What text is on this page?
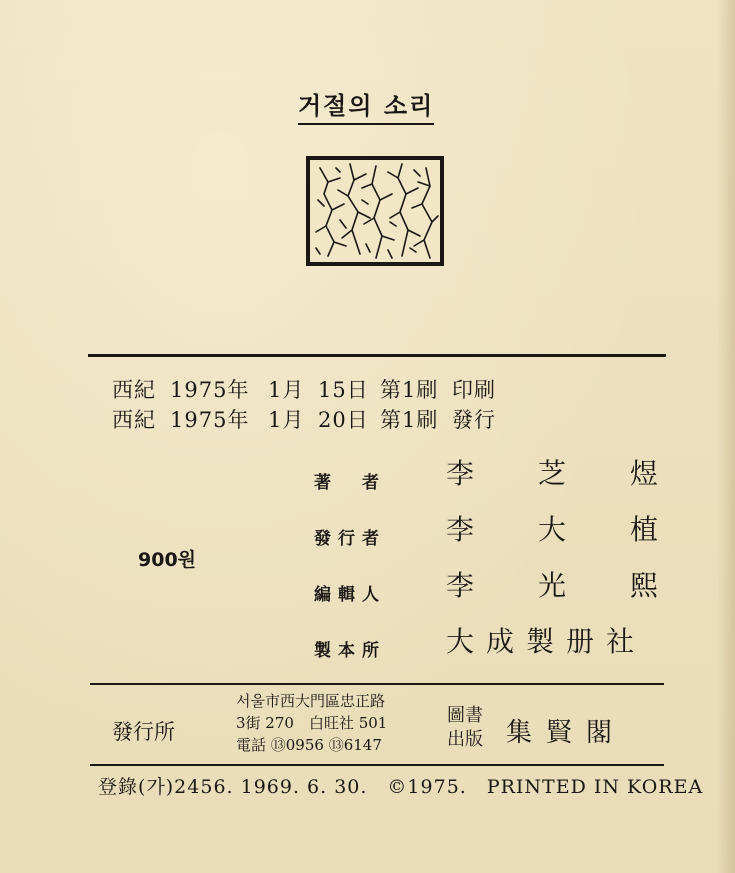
거절의 소리
西紀 1975年 1月 15日 第1刷 印刷
西紀 1975年 1月 20日 第1刷 發行
900원
著　者 李 芝 煜
發行者 李 大 植
編輯人 李 光 熙
製本所 大 成 製 册 社
發行所
서울市西大門區忠正路
3街 270　白旺社 501
電話 ⑬0956 ⑬6147
圖書
出版 集賢閣
登錄(가)2456. 1969. 6. 30.　©1975.　PRINTED IN KOREA
